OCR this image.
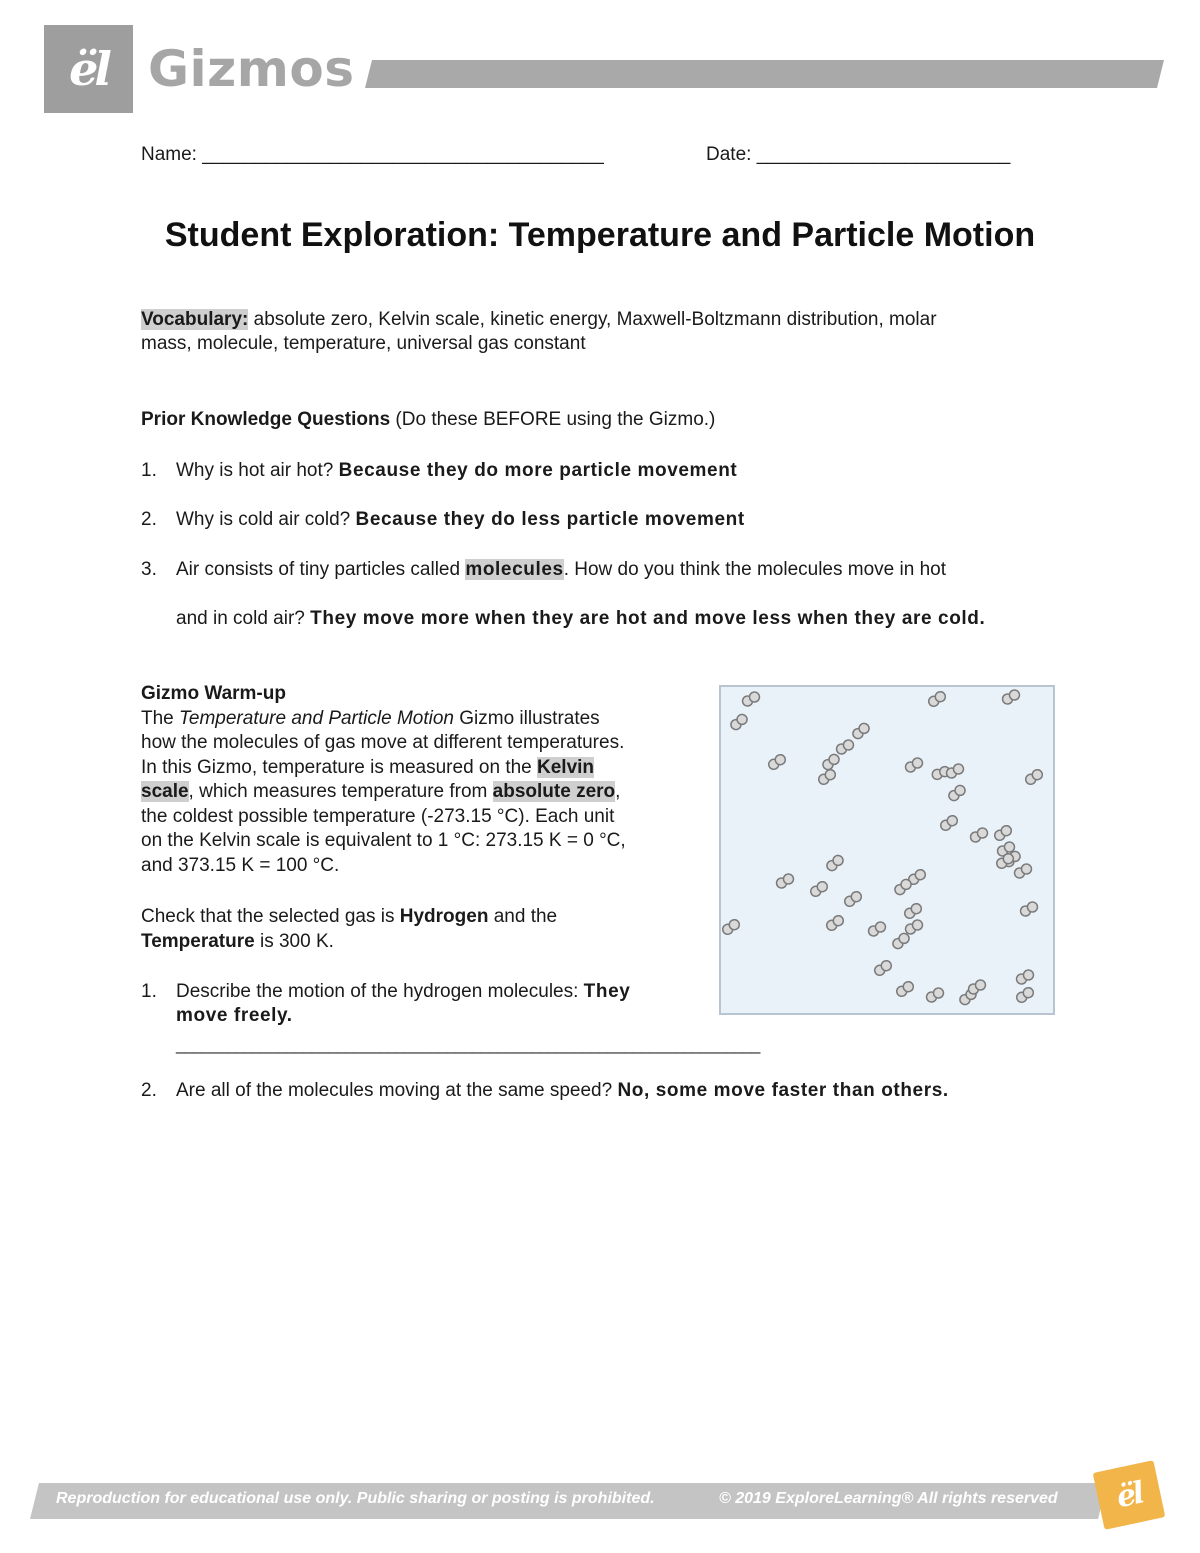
ël Gizmos
Name: ______________________________________	Date: ________________________
Student Exploration: Temperature and Particle Motion
Vocabulary: absolute zero, Kelvin scale, kinetic energy, Maxwell-Boltzmann distribution, molar
mass, molecule, temperature, universal gas constant
Prior Knowledge Questions (Do these BEFORE using the Gizmo.)
1. Why is hot air hot? Because they do more particle movement
2. Why is cold air cold? Because they do less particle movement
3. Air consists of tiny particles called molecules. How do you think the molecules move in hot
and in cold air? They move more when they are hot and move less when they are cold.
Gizmo Warm-up
The Temperature and Particle Motion Gizmo illustrates
how the molecules of gas move at different temperatures.
In this Gizmo, temperature is measured on the Kelvin
scale, which measures temperature from absolute zero,
the coldest possible temperature (-273.15 °C). Each unit
on the Kelvin scale is equivalent to 1 °C: 273.15 K = 0 °C,
and 373.15 K = 100 °C.
Check that the selected gas is Hydrogen and the
Temperature is 300 K.
1. Describe the motion of the hydrogen molecules: They
move freely.
_____________________________________________________________________
2. Are all of the molecules moving at the same speed? No, some move faster than others.
Reproduction for educational use only. Public sharing or posting is prohibited.	© 2019 ExploreLearning® All rights reserved ël
